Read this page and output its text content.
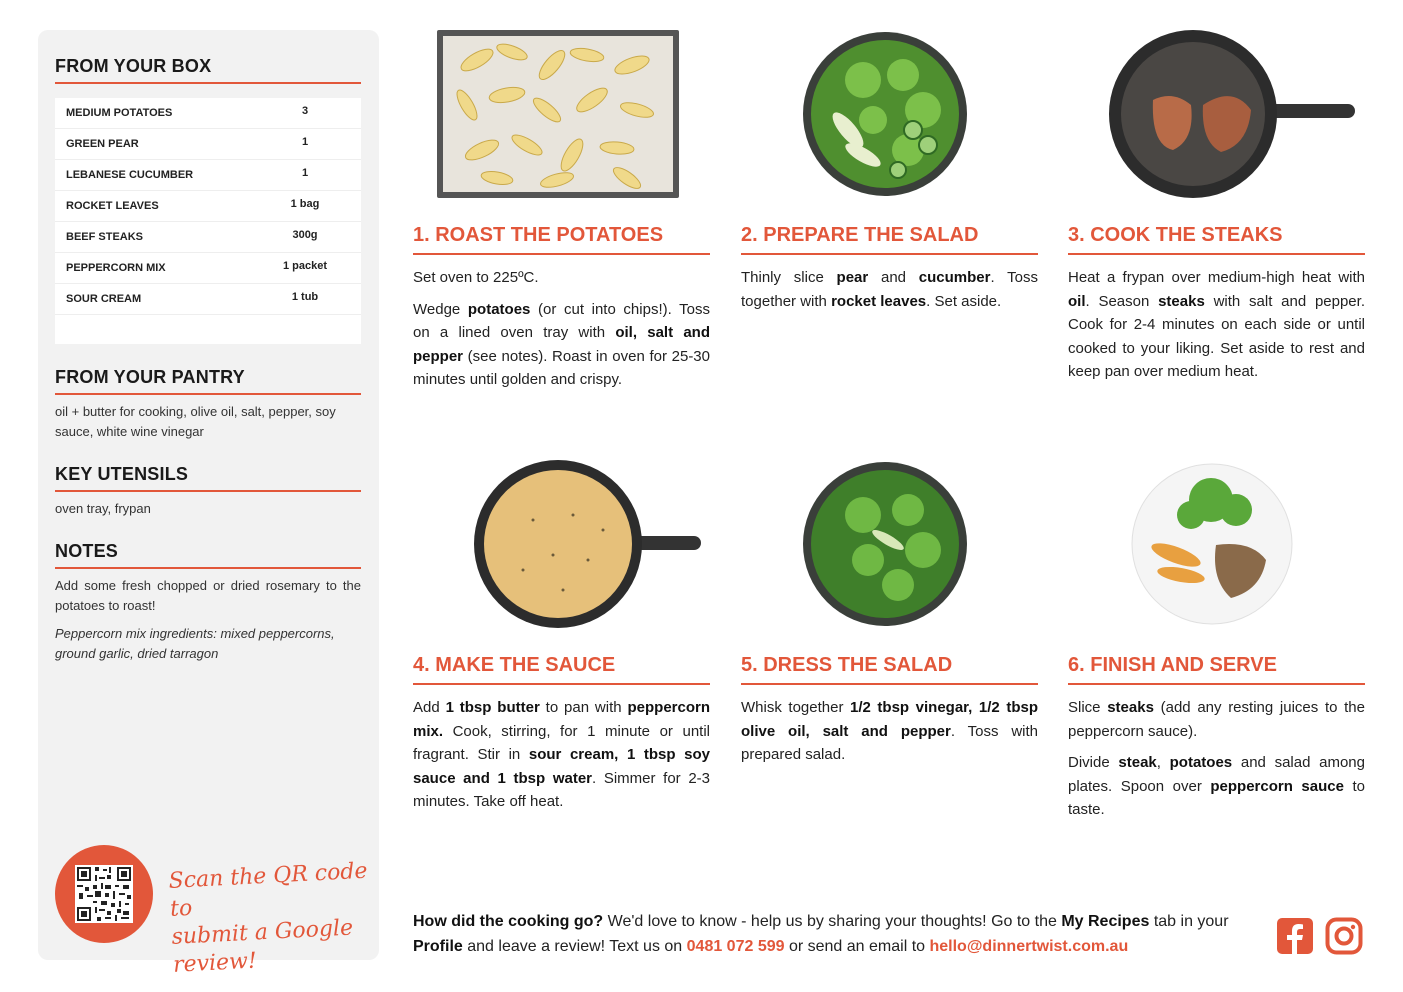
FROM YOUR BOX
MEDIUM POTATOES	3
GREEN PEAR	1
LEBANESE CUCUMBER	1
ROCKET LEAVES	1 bag
BEEF STEAKS	300g
PEPPERCORN MIX	1 packet
SOUR CREAM	1 tub
FROM YOUR PANTRY
oil + butter for cooking, olive oil, salt, pepper, soy sauce, white wine vinegar
KEY UTENSILS
oven tray, frypan
NOTES
Add some fresh chopped or dried rosemary to the potatoes to roast!
Peppercorn mix ingredients: mixed peppercorns, ground garlic, dried tarragon
Scan the QR code to
submit a Google review!
1. ROAST THE POTATOES	2. PREPARE THE SALAD	3. COOK THE STEAKS
4. MAKE THE SAUCE	5. DRESS THE SALAD	6. FINISH AND SERVE

Set oven to 225ºC.

Wedge potatoes (or cut into chips!). Toss on a lined oven tray with oil, salt and pepper (see notes). Roast in oven for 25-30 minutes until golden and crispy.

Thinly slice pear and cucumber. Toss together with rocket leaves. Set aside.

Heat a frypan over medium-high heat with oil. Season steaks with salt and pepper. Cook for 2-4 minutes on each side or until cooked to your liking. Set aside to rest and keep pan over medium heat.

Add 1 tbsp butter to pan with peppercorn mix. Cook, stirring, for 1 minute or until fragrant. Stir in sour cream, 1 tbsp soy sauce and 1 tbsp water. Simmer for 2-3 minutes. Take off heat.

Whisk together 1/2 tbsp vinegar, 1/2 tbsp olive oil, salt and pepper. Toss with prepared salad.

Slice steaks (add any resting juices to the peppercorn sauce).

Divide steak, potatoes and salad among plates. Spoon over peppercorn sauce to taste.

How did the cooking go? We'd love to know - help us by sharing your thoughts! Go to the My Recipes tab in your Profile and leave a review! Text us on 0481 072 599 or send an email to hello@dinnertwist.com.au
